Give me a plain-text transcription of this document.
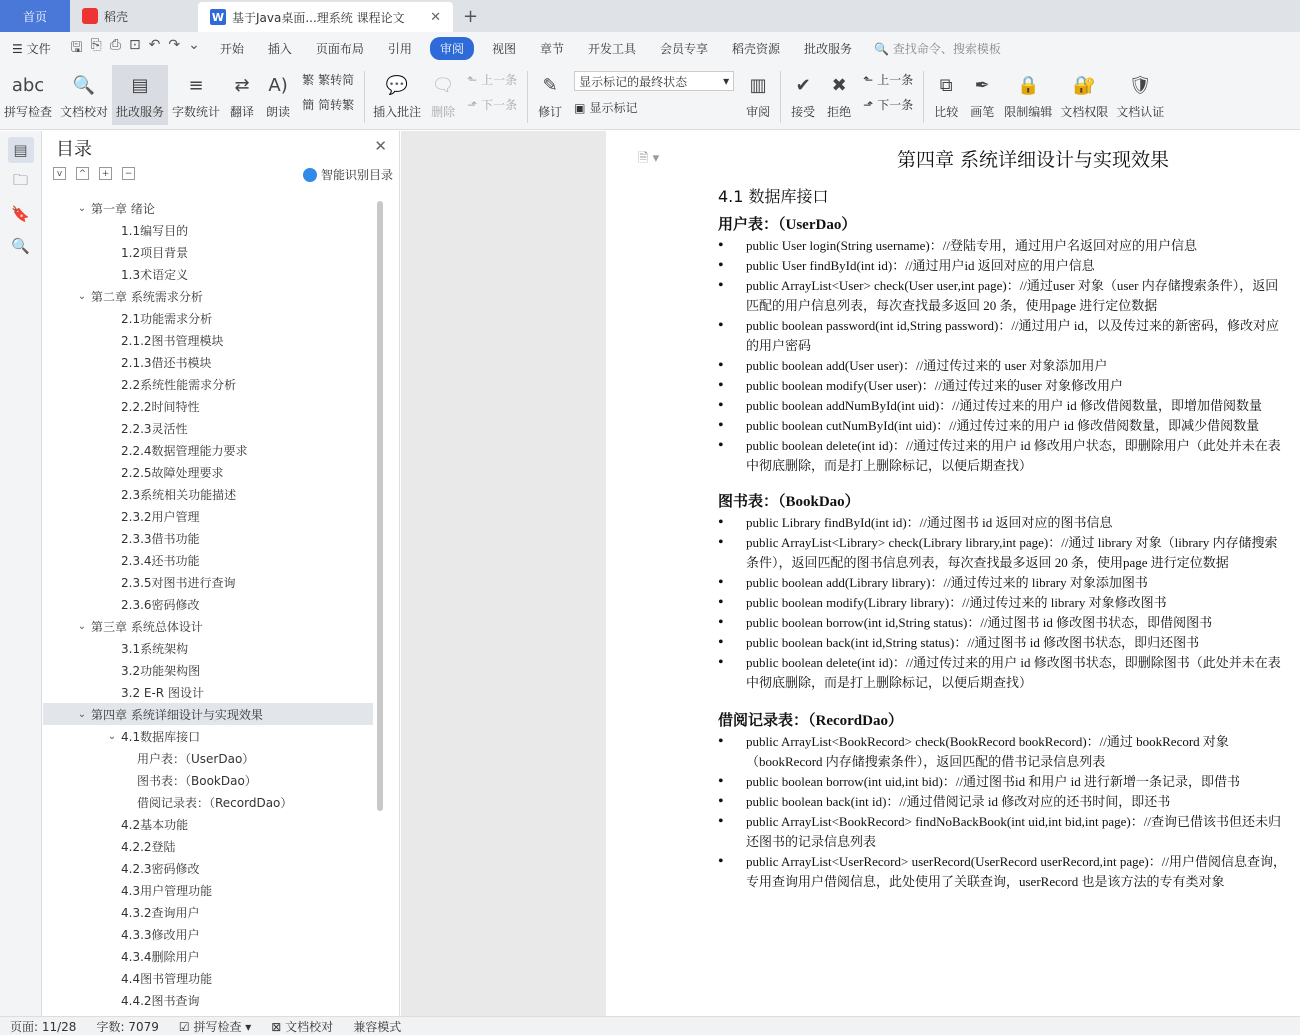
首页	稻壳	W 基于Java桌面...理系统 课程论文 ✕	+
☰ 文件	🖫 ⎘ ⎙ ⊡ ↶ ↷ ⌄	开始	插入	页面布局	引用	审阅	视图	章节	开发工具	会员专享	稻壳资源	批改服务	🔍 查找命令、搜索模板
abc
拼写检查
🔍
文档校对
▤
批改服务
≡
字数统计
⇄
翻译
A)
朗读
繁 繁转简
簡 简转繁
💬
插入批注
🗨
删除
⬑ 上一条
⬏ 下一条
✎
修订
显示标记的最终状态	▾
▣ 显示标记
▥
审阅
✔
接受
✖
拒绝
⬑ 上一条
⬏ 下一条
⧉
比较
✒
画笔
🔒
限制编辑
🔐
文档权限
🛡
文档认证
▤
🗀
🔖
🔍
目录	✕
v	^	+	−	智能识别目录
⌄ 第一章 绪论
1.1编写目的
1.2项目背景
1.3术语定义
⌄ 第二章 系统需求分析
2.1功能需求分析
2.1.2图书管理模块
2.1.3借还书模块
2.2系统性能需求分析
2.2.2时间特性
2.2.3灵活性
2.2.4数据管理能力要求
2.2.5故障处理要求
2.3系统相关功能描述
2.3.2用户管理
2.3.3借书功能
2.3.4还书功能
2.3.5对图书进行查询
2.3.6密码修改
⌄ 第三章 系统总体设计
3.1系统架构
3.2功能架构图
3.2 E-R 图设计
⌄ 第四章 系统详细设计与实现效果
⌄ 4.1数据库接口
用户表：（UserDao）
图书表：（BookDao）
借阅记录表：（RecordDao）
4.2基本功能
4.2.2登陆
4.2.3密码修改
4.3用户管理功能
4.3.2查询用户
4.3.3修改用户
4.3.4删除用户
4.4图书管理功能
4.4.2图书查询
🗎 ▾	第四章 系统详细设计与实现效果
4.1 数据库接口
用户表：（UserDao）
• public User login(String username)：//登陆专用，通过用户名返回对应的用户信息
• public User findById(int id)：//通过用户id 返回对应的用户信息
• public ArrayList<User> check(User user,int page)：//通过user 对象（user 内存储搜索条件），返回匹配的用户信息列表，每次查找最多返回 20 条，使用page 进行定位数据
• public boolean password(int id,String password)：//通过用户 id，以及传过来的新密码，修改对应的用户密码
• public boolean add(User user)：//通过传过来的 user 对象添加用户
• public boolean modify(User user)：//通过传过来的user 对象修改用户
• public boolean addNumById(int uid)：//通过传过来的用户 id 修改借阅数量，即增加借阅数量
• public boolean cutNumById(int uid)：//通过传过来的用户 id 修改借阅数量，即减少借阅数量
• public boolean delete(int id)：//通过传过来的用户 id 修改用户状态，即删除用户（此处并未在表中彻底删除，而是打上删除标记，以便后期查找）
图书表：（BookDao）
• public Library findById(int id)：//通过图书 id 返回对应的图书信息
• public ArrayList<Library> check(Library library,int page)：//通过 library 对象（library 内存储搜索条件），返回匹配的图书信息列表，每次查找最多返回 20 条，使用page 进行定位数据
• public boolean add(Library library)：//通过传过来的 library 对象添加图书
• public boolean modify(Library library)：//通过传过来的 library 对象修改图书
• public boolean borrow(int id,String status)：//通过图书 id 修改图书状态，即借阅图书
• public boolean back(int id,String status)：//通过图书 id 修改图书状态，即归还图书
• public boolean delete(int id)：//通过传过来的用户 id 修改图书状态，即删除图书（此处并未在表中彻底删除，而是打上删除标记，以便后期查找）
借阅记录表：（RecordDao）
• public ArrayList<BookRecord> check(BookRecord bookRecord)：//通过 bookRecord 对象（bookRecord 内存储搜索条件），返回匹配的借书记录信息列表
• public boolean borrow(int uid,int bid)：//通过图书id 和用户 id 进行新增一条记录，即借书
• public boolean back(int id)：//通过借阅记录 id 修改对应的还书时间，即还书
• public ArrayList<BookRecord> findNoBackBook(int uid,int bid,int page)：//查询已借该书但还未归还图书的记录信息列表
• public ArrayList<UserRecord> userRecord(UserRecord userRecord,int page)：//用户借阅信息查询，专用查询用户借阅信息，此处使用了关联查询，userRecord 也是该方法的专有类对象
页面: 11/28	字数: 7079	☑ 拼写检查 ▾	⊠ 文档校对	兼容模式
